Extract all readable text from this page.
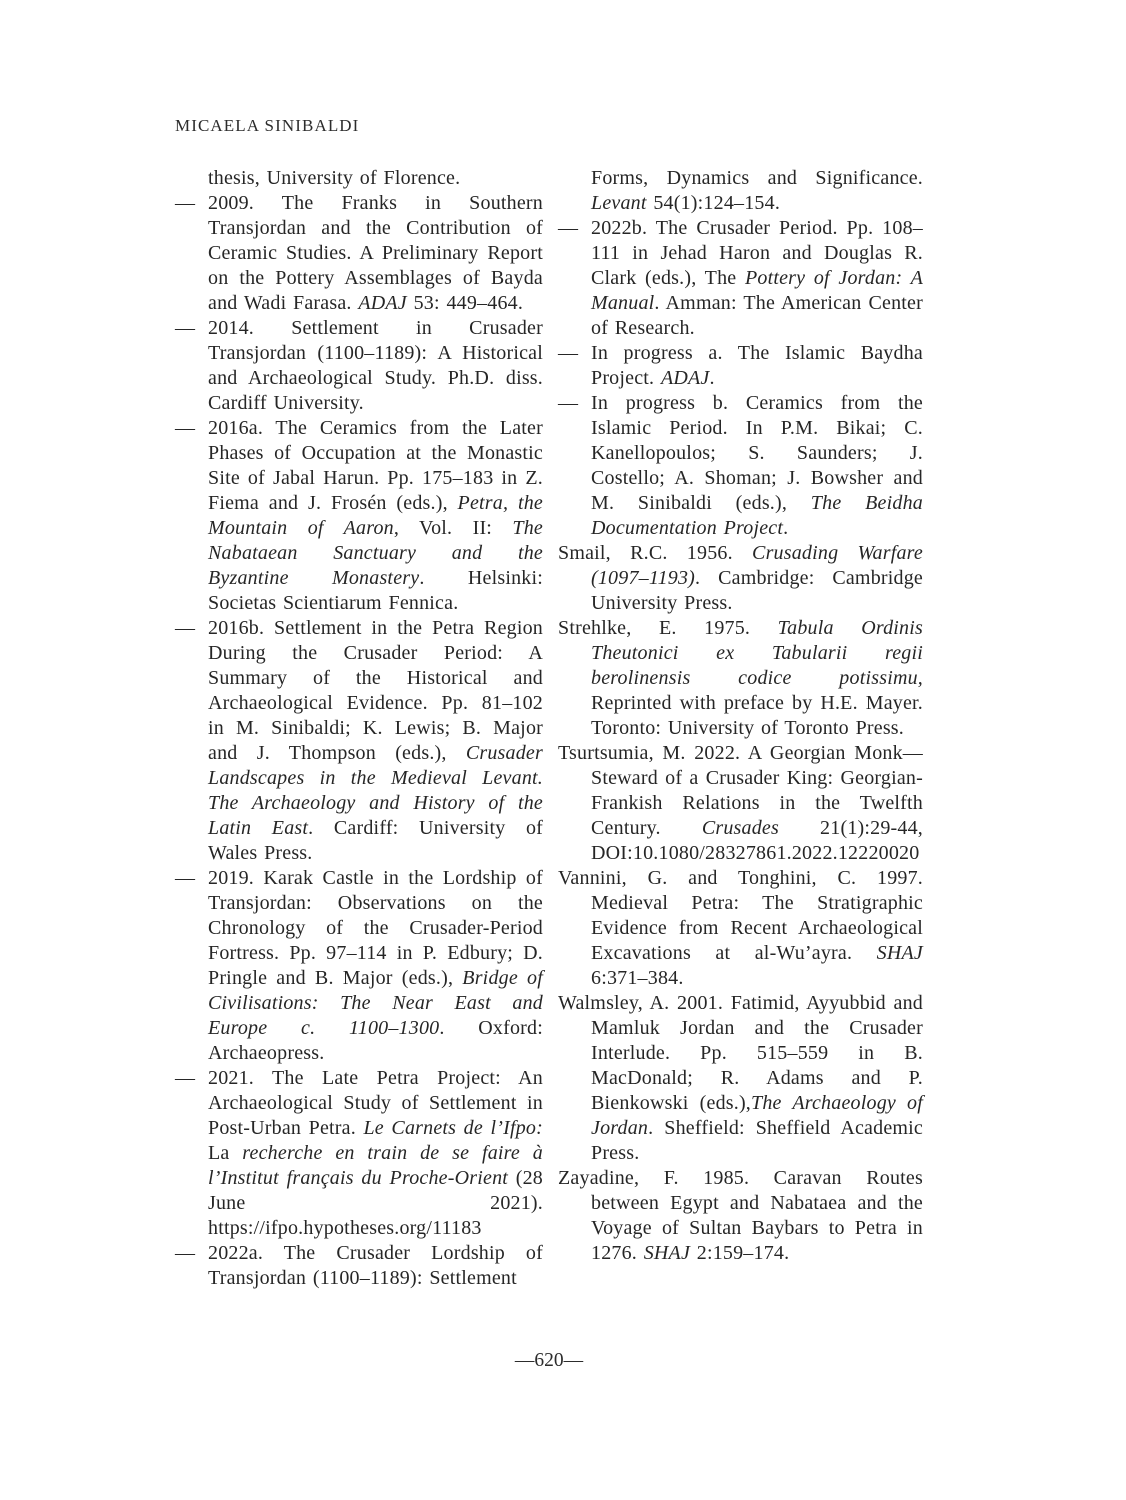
MICAELA SINIBALDI

thesis, University of Florence.

— 2009. The Franks in Southern Transjordan and the Contribution of Ceramic Studies. A Preliminary Report on the Pottery Assemblages of Bayda and Wadi Farasa. ADAJ 53: 449–464.

— 2014. Settlement in Crusader Transjordan (1100–1189): A Historical and Archaeological Study. Ph.D. diss. Cardiff University.

— 2016a. The Ceramics from the Later Phases of Occupation at the Monastic Site of Jabal Harun. Pp. 175–183 in Z. Fiema and J. Frosén (eds.), Petra, the Mountain of Aaron, Vol. II: The Nabataean Sanctuary and the Byzantine Monastery. Helsinki: Societas Scientiarum Fennica.

— 2016b. Settlement in the Petra Region During the Crusader Period: A Summary of the Historical and Archaeological Evidence. Pp. 81–102 in M. Sinibaldi; K. Lewis; B. Major and J. Thompson (eds.), Crusader Landscapes in the Medieval Levant. The Archaeology and History of the Latin East. Cardiff: University of Wales Press.

— 2019. Karak Castle in the Lordship of Transjordan: Observations on the Chronology of the Crusader-Period Fortress. Pp. 97–114 in P. Edbury; D. Pringle and B. Major (eds.), Bridge of Civilisations: The Near East and Europe c. 1100–1300. Oxford: Archaeopress.

— 2021. The Late Petra Project: An Archaeological Study of Settlement in Post-Urban Petra. Le Carnets de l’Ifpo: La recherche en train de se faire à l’Institut français du Proche-Orient (28 June 2021). https://ifpo.hypotheses.org/11183

— 2022a. The Crusader Lordship of Transjordan (1100–1189): Settlement

Forms, Dynamics and Significance. Levant 54(1):124–154.

— 2022b. The Crusader Period. Pp. 108–111 in Jehad Haron and Douglas R. Clark (eds.), The Pottery of Jordan: A Manual. Amman: The American Center of Research.

— In progress a. The Islamic Baydha Project. ADAJ.

— In progress b. Ceramics from the Islamic Period. In P.M. Bikai; C. Kanellopoulos; S. Saunders; J. Costello; A. Shoman; J. Bowsher and M. Sinibaldi (eds.), The Beidha Documentation Project.

Smail, R.C. 1956. Crusading Warfare (1097–1193). Cambridge: Cambridge University Press.

Strehlke, E. 1975. Tabula Ordinis Theutonici ex Tabularii regii berolinensis codice potissimu, Reprinted with preface by H.E. Mayer. Toronto: University of Toronto Press.

Tsurtsumia, M. 2022. A Georgian Monk—Steward of a Crusader King: Georgian-Frankish Relations in the Twelfth Century. Crusades 21(1):29-44, DOI:10.1080/28327861.2022.12220020

Vannini, G. and Tonghini, C. 1997. Medieval Petra: The Stratigraphic Evidence from Recent Archaeological Excavations at al-Wu’ayra. SHAJ 6:371–384.

Walmsley, A. 2001. Fatimid, Ayyubbid and Mamluk Jordan and the Crusader Interlude. Pp. 515–559 in B. MacDonald; R. Adams and P. Bienkowski (eds.),The Archaeology of Jordan. Sheffield: Sheffield Academic Press.

Zayadine, F. 1985. Caravan Routes between Egypt and Nabataea and the Voyage of Sultan Baybars to Petra in 1276. SHAJ 2:159–174.

—620—
